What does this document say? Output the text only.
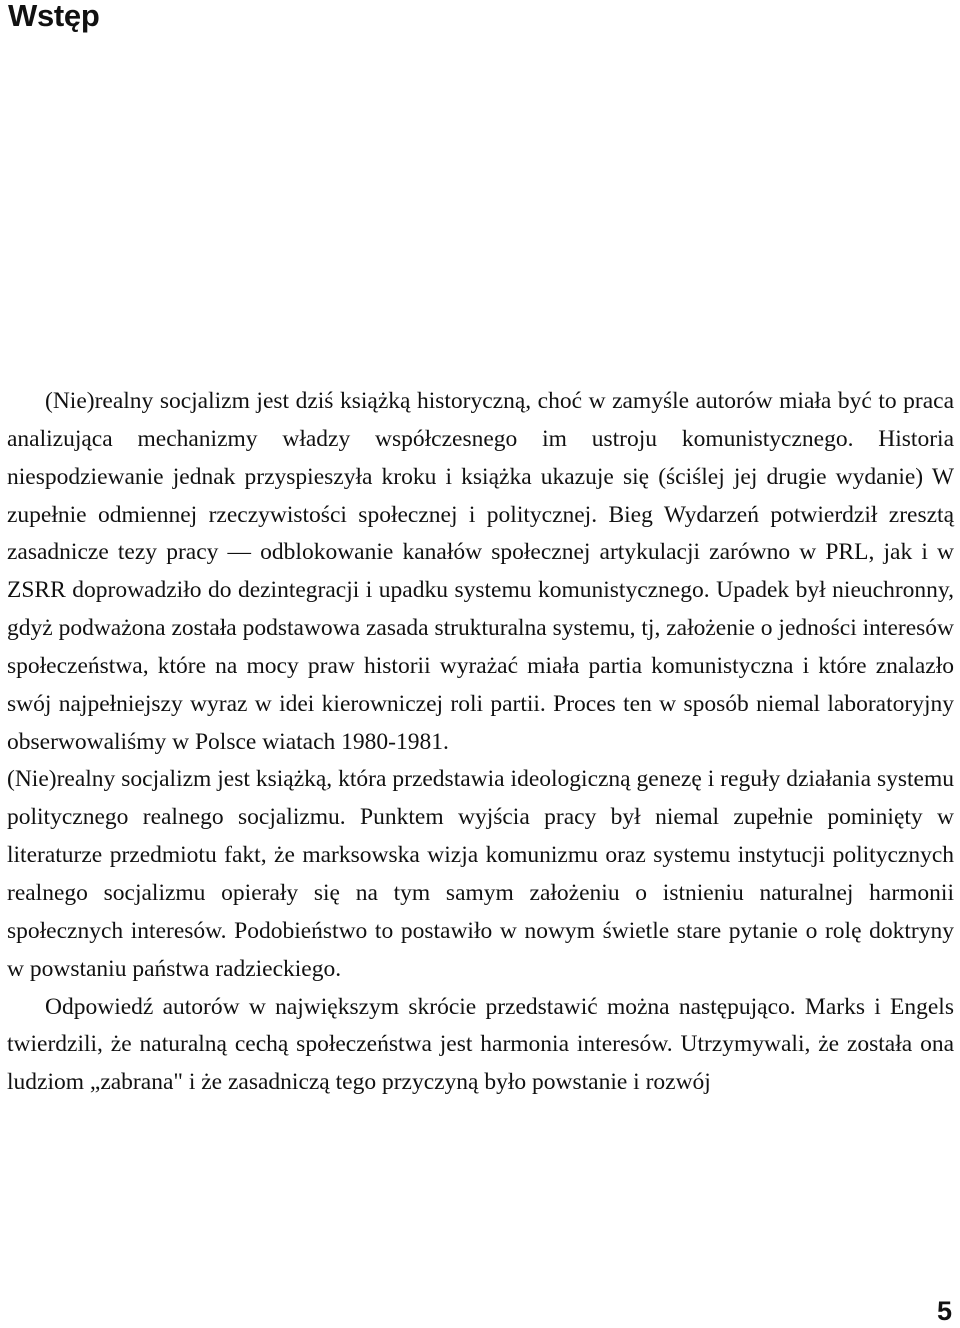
Wstęp

(Nie)realny socjalizm jest dziś książką historyczną, choć w zamyśle autorów miała być to praca analizująca mechanizmy władzy współczesnego im ustroju komunistycznego. Historia niespodziewanie jednak przyspieszyła kroku i książka ukazuje się (ściślej jej drugie wydanie) W zupełnie odmiennej rzeczywistości społecznej i politycznej. Bieg Wydarzeń potwierdził zresztą zasadnicze tezy pracy — odblokowanie kanałów społecznej artykulacji zarówno w PRL, jak i w ZSRR doprowadziło do dezintegracji i upadku systemu komunistycznego. Upadek był nieuchronny, gdyż podważona została podstawowa zasada strukturalna systemu, tj, założenie o jedności interesów społeczeństwa, które na mocy praw historii wyrażać miała partia komunistyczna i które znalazło swój najpełniejszy wyraz w idei kierowniczej roli partii. Proces ten w sposób niemal laboratoryjny obserwowaliśmy w Polsce wiatach 1980-1981.

(Nie)realny socjalizm jest książką, która przedstawia ideologiczną genezę i reguły działania systemu politycznego realnego socjalizmu. Punktem wyjścia pracy był niemal zupełnie pominięty w literaturze przedmiotu fakt, że marksowska wizja komunizmu oraz systemu instytucji politycznych realnego socjalizmu opierały się na tym samym założeniu o istnieniu naturalnej harmonii społecznych interesów. Podobieństwo to postawiło w nowym świetle stare pytanie o rolę doktryny w powstaniu państwa radzieckiego.

Odpowiedź autorów w największym skrócie przedstawić można następująco. Marks i Engels twierdzili, że naturalną cechą społeczeństwa jest harmonia interesów. Utrzymywali, że została ona ludziom „zabrana" i że zasadniczą tego przyczyną było powstanie i rozwój

5
